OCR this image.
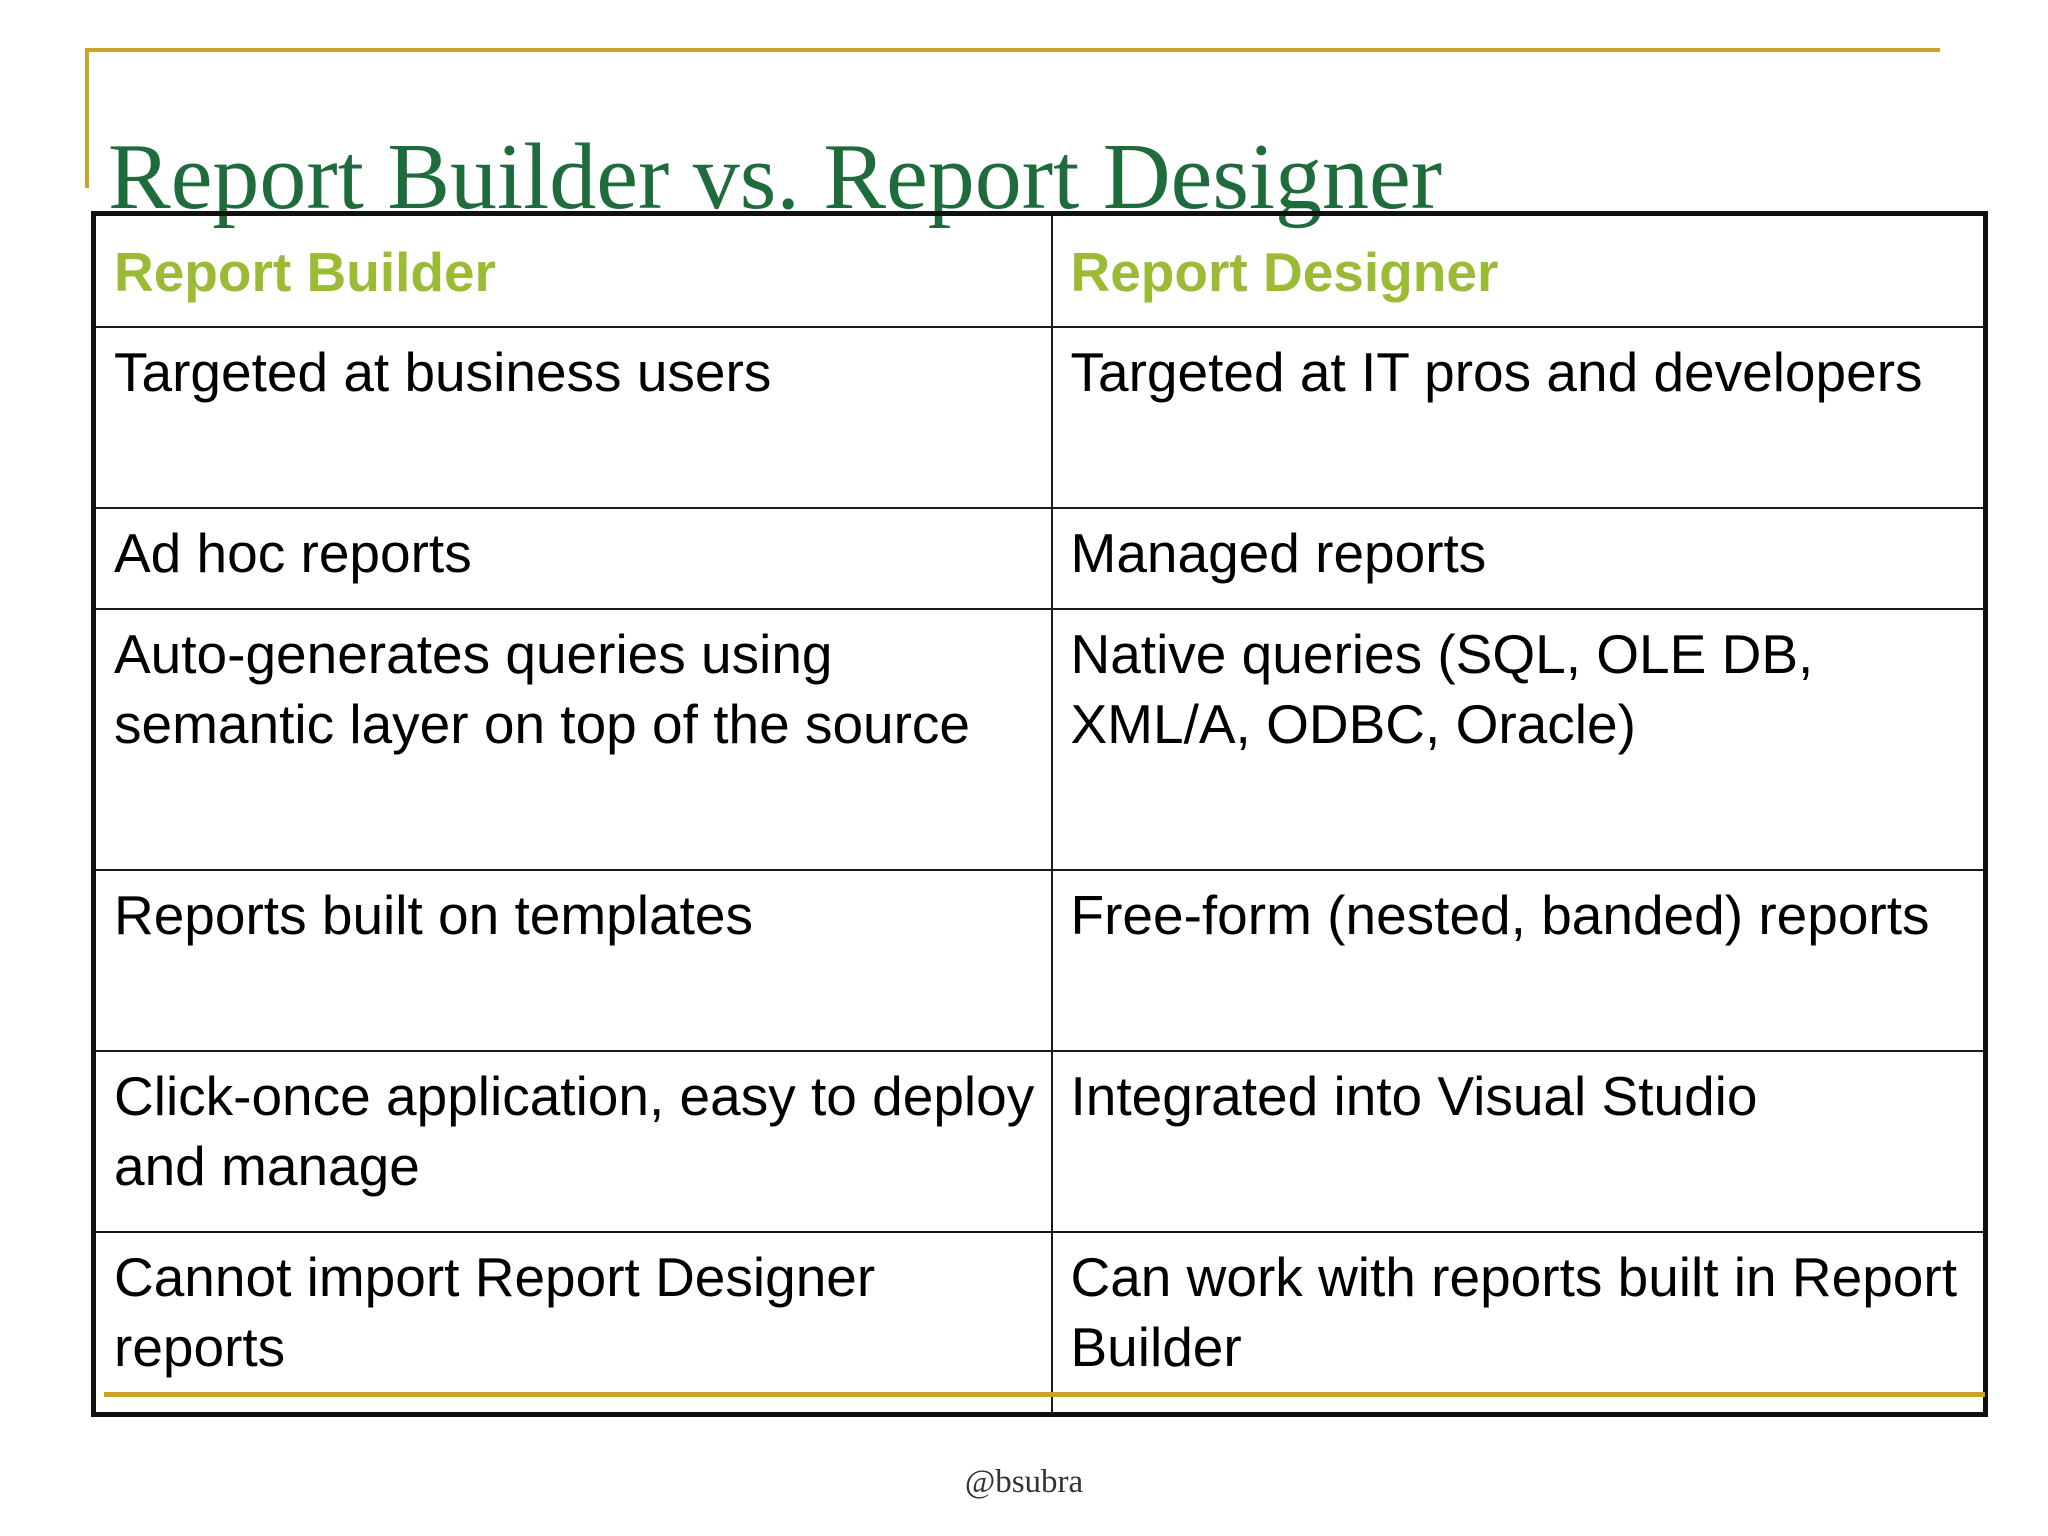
Report Builder vs. Report Designer
Report Builder	Report Designer
Targeted at business users	Targeted at IT pros and developers
Ad hoc reports	Managed reports
Auto-generates queries using semantic layer on top of the source	Native queries (SQL, OLE DB, XML/A, ODBC, Oracle)
Reports built on templates	Free-form (nested, banded) reports
Click-once application, easy to deploy and manage	Integrated into Visual Studio
Cannot import Report Designer reports	Can work with reports built in Report Builder
@bsubra
